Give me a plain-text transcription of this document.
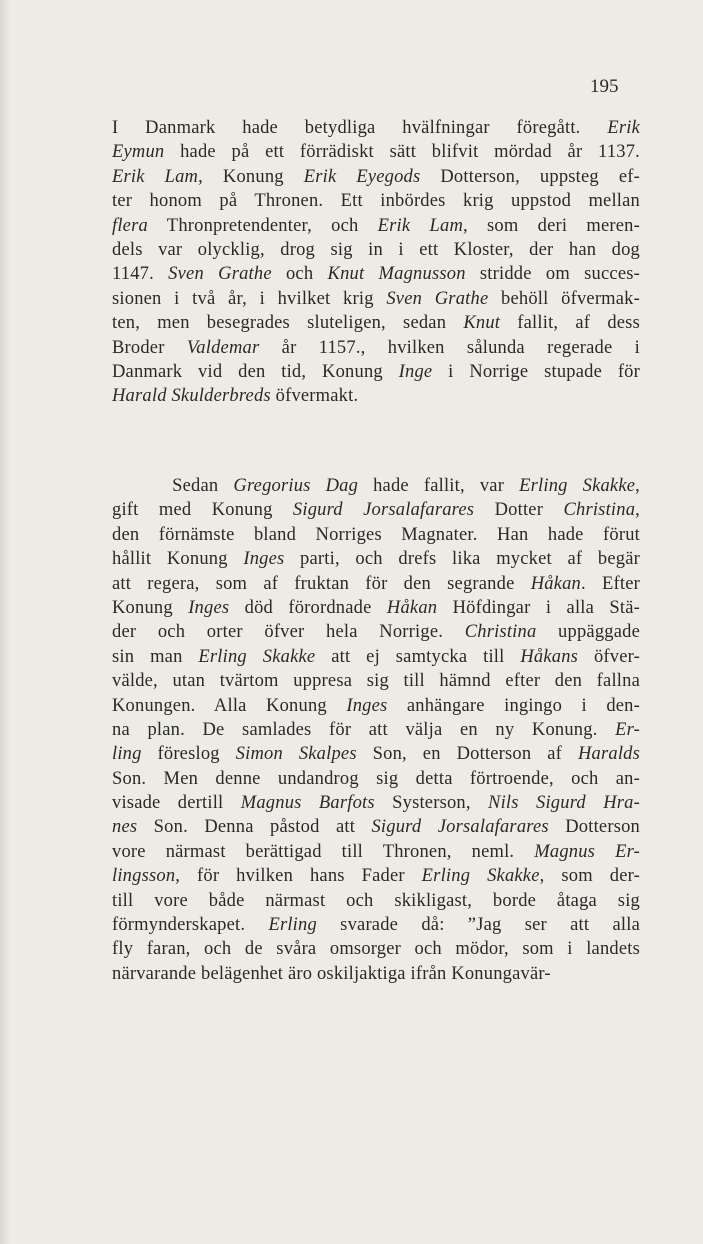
195
I Danmark hade betydliga hvälfningar föregått. Erik
Eymun hade på ett förrädiskt sätt blifvit mördad år 1137.
Erik Lam, Konung Erik Eyegods Dotterson, uppsteg ef-
ter honom på Thronen. Ett inbördes krig uppstod mellan
flera Thronpretendenter, och Erik Lam, som deri meren-
dels var olycklig, drog sig in i ett Kloster, der han dog
1147. Sven Grathe och Knut Magnusson stridde om succes-
sionen i två år, i hvilket krig Sven Grathe behöll öfvermak-
ten, men besegrades sluteligen, sedan Knut fallit, af dess
Broder Valdemar år 1157., hvilken sålunda regerade i
Danmark vid den tid, Konung Inge i Norrige stupade för
Harald Skulderbreds öfvermakt.
Sedan Gregorius Dag hade fallit, var Erling Skakke,
gift med Konung Sigurd Jorsalafarares Dotter Christina,
den förnämste bland Norriges Magnater. Han hade förut
hållit Konung Inges parti, och drefs lika mycket af begär
att regera, som af fruktan för den segrande Håkan. Efter
Konung Inges död förordnade Håkan Höfdingar i alla Stä-
der och orter öfver hela Norrige. Christina uppäggade
sin man Erling Skakke att ej samtycka till Håkans öfver-
välde, utan tvärtom uppresa sig till hämnd efter den fallna
Konungen. Alla Konung Inges anhängare ingingo i den-
na plan. De samlades för att välja en ny Konung. Er-
ling föreslog Simon Skalpes Son, en Dotterson af Haralds
Son. Men denne undandrog sig detta förtroende, och an-
visade dertill Magnus Barfots Systerson, Nils Sigurd Hra-
nes Son. Denna påstod att Sigurd Jorsalafarares Dotterson
vore närmast berättigad till Thronen, neml. Magnus Er-
lingsson, för hvilken hans Fader Erling Skakke, som der-
till vore både närmast och skikligast, borde åtaga sig
förmynderskapet. Erling svarade då: ”Jag ser att alla
fly faran, och de svåra omsorger och mödor, som i landets
närvarande belägenhet äro oskiljaktiga ifrån Konungavär-
